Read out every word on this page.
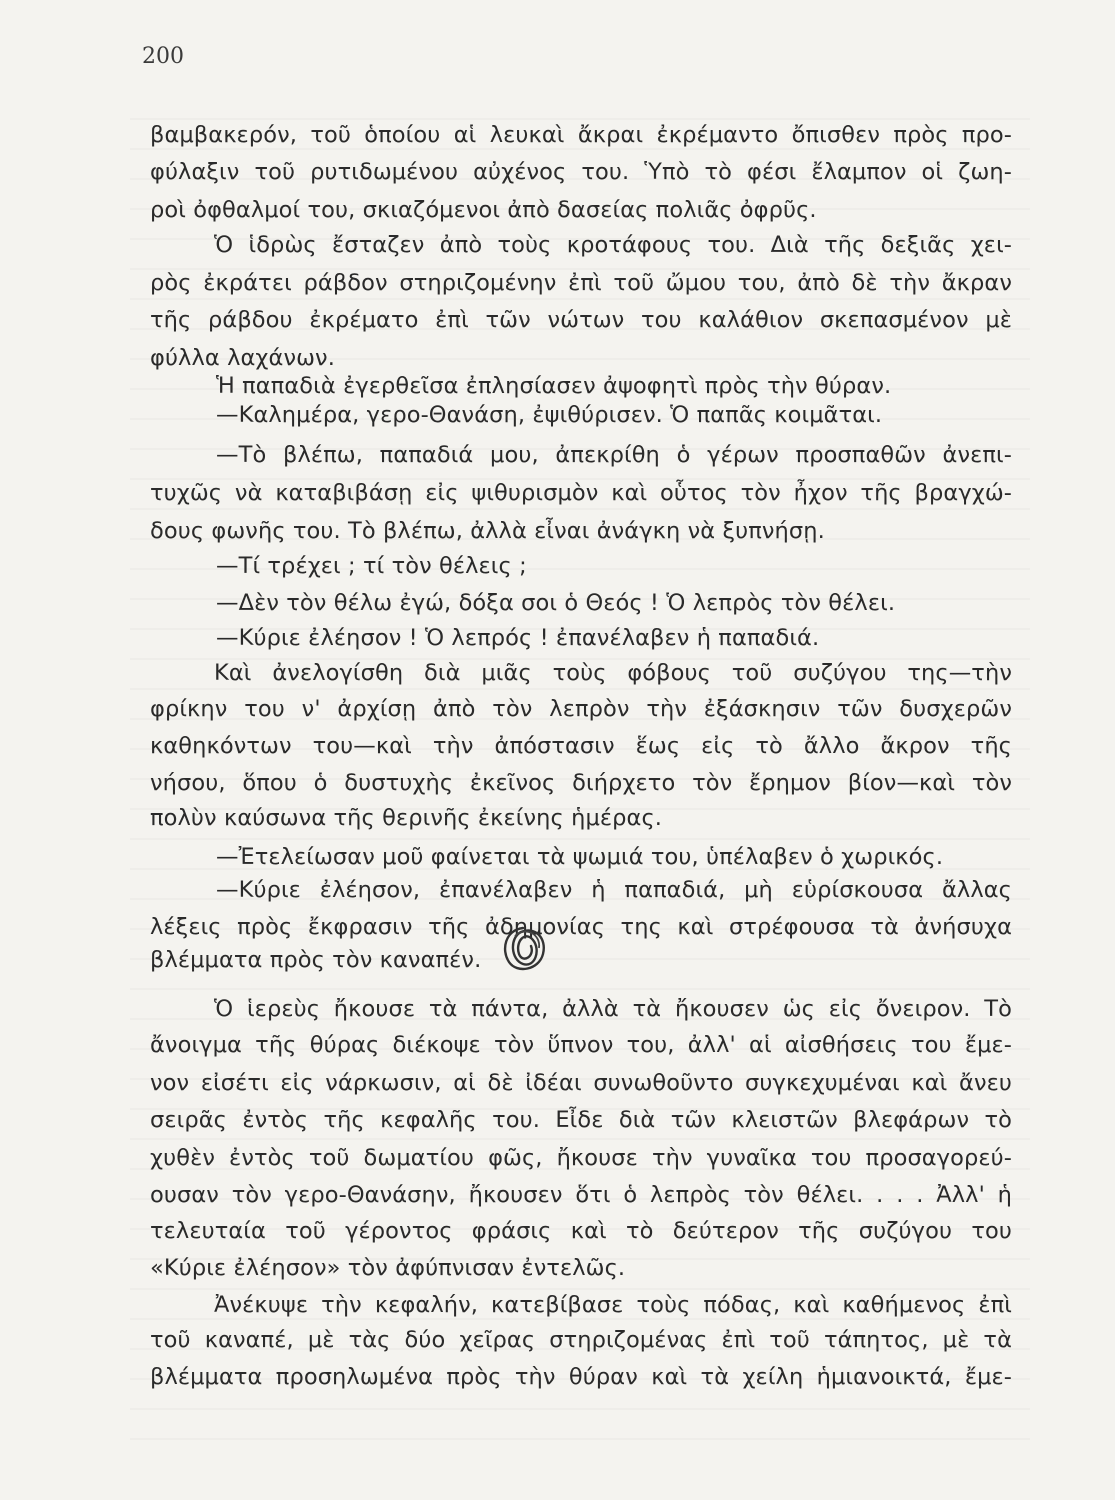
200
βαμβακερόν, τοῦ ὁποίου αἱ λευκαὶ ἄκραι ἐκρέμαντο ὄπισθεν πρὸς προ-
φύλαξιν τοῦ ρυτιδωμένου αὐχένος του. Ὑπὸ τὸ φέσι ἔλαμπον οἱ ζωη-
ροὶ ὀφθαλμοί του, σκιαζόμενοι ἀπὸ δασείας πολιᾶς ὀφρῦς.
Ὁ ἱδρὼς ἔσταζεν ἀπὸ τοὺς κροτάφους του. Διὰ τῆς δεξιᾶς χει-
ρὸς ἐκράτει ράβδον στηριζομένην ἐπὶ τοῦ ὤμου του, ἀπὸ δὲ τὴν ἄκραν
τῆς ράβδου ἐκρέματο ἐπὶ τῶν νώτων του καλάθιον σκεπασμένον μὲ
φύλλα λαχάνων.
Ἡ παπαδιὰ ἐγερθεῖσα ἐπλησίασεν ἀψοφητὶ πρὸς τὴν θύραν.
—Καλημέρα, γερο-Θανάση, ἐψιθύρισεν. Ὁ παπᾶς κοιμᾶται.
—Τὸ βλέπω, παπαδιά μου, ἀπεκρίθη ὁ γέρων προσπαθῶν ἀνεπι-
τυχῶς νὰ καταβιβάσῃ εἰς ψιθυρισμὸν καὶ οὗτος τὸν ἦχον τῆς βραγχώ-
δους φωνῆς του. Τὸ βλέπω, ἀλλὰ εἶναι ἀνάγκη νὰ ξυπνήσῃ.
—Τί τρέχει ; τί τὸν θέλεις ;
—Δὲν τὸν θέλω ἐγώ, δόξα σοι ὁ Θεός ! Ὁ λεπρὸς τὸν θέλει.
—Κύριε ἐλέησον ! Ὁ λεπρός ! ἐπανέλαβεν ἡ παπαδιά.
Καὶ ἀνελογίσθη διὰ μιᾶς τοὺς φόβους τοῦ συζύγου της—τὴν
φρίκην του ν' ἀρχίσῃ ἀπὸ τὸν λεπρὸν τὴν ἐξάσκησιν τῶν δυσχερῶν
καθηκόντων του—καὶ τὴν ἀπόστασιν ἕως εἰς τὸ ἄλλο ἄκρον τῆς
νήσου, ὅπου ὁ δυστυχὴς ἐκεῖνος διήρχετο τὸν ἔρημον βίον—καὶ τὸν
πολὺν καύσωνα τῆς θερινῆς ἐκείνης ἡμέρας.
—Ἐτελείωσαν μοῦ φαίνεται τὰ ψωμιά του, ὑπέλαβεν ὁ χωρικός.
—Κύριε ἐλέησον, ἐπανέλαβεν ἡ παπαδιά, μὴ εὑρίσκουσα ἄλλας
λέξεις πρὸς ἔκφρασιν τῆς ἀδημονίας της καὶ στρέφουσα τὰ ἀνήσυχα
βλέμματα πρὸς τὸν καναπέν.
Ὁ ἱερεὺς ἤκουσε τὰ πάντα, ἀλλὰ τὰ ἤκουσεν ὡς εἰς ὄνειρον. Τὸ
ἄνοιγμα τῆς θύρας διέκοψε τὸν ὕπνον του, ἀλλ' αἱ αἰσθήσεις του ἔμε-
νον εἰσέτι εἰς νάρκωσιν, αἱ δὲ ἰδέαι συνωθοῦντο συγκεχυμέναι καὶ ἄνευ
σειρᾶς ἐντὸς τῆς κεφαλῆς του. Εἶδε διὰ τῶν κλειστῶν βλεφάρων τὸ
χυθὲν ἐντὸς τοῦ δωματίου φῶς, ἤκουσε τὴν γυναῖκα του προσαγορεύ-
ουσαν τὸν γερο-Θανάσην, ἤκουσεν ὅτι ὁ λεπρὸς τὸν θέλει. . . . Ἀλλ' ἡ
τελευταία τοῦ γέροντος φράσις καὶ τὸ δεύτερον τῆς συζύγου του
«Κύριε ἐλέησον» τὸν ἀφύπνισαν ἐντελῶς.
Ἀνέκυψε τὴν κεφαλήν, κατεβίβασε τοὺς πόδας, καὶ καθήμενος ἐπὶ
τοῦ καναπέ, μὲ τὰς δύο χεῖρας στηριζομένας ἐπὶ τοῦ τάπητος, μὲ τὰ
βλέμματα προσηλωμένα πρὸς τὴν θύραν καὶ τὰ χείλη ἡμιανοικτά, ἔμε-
